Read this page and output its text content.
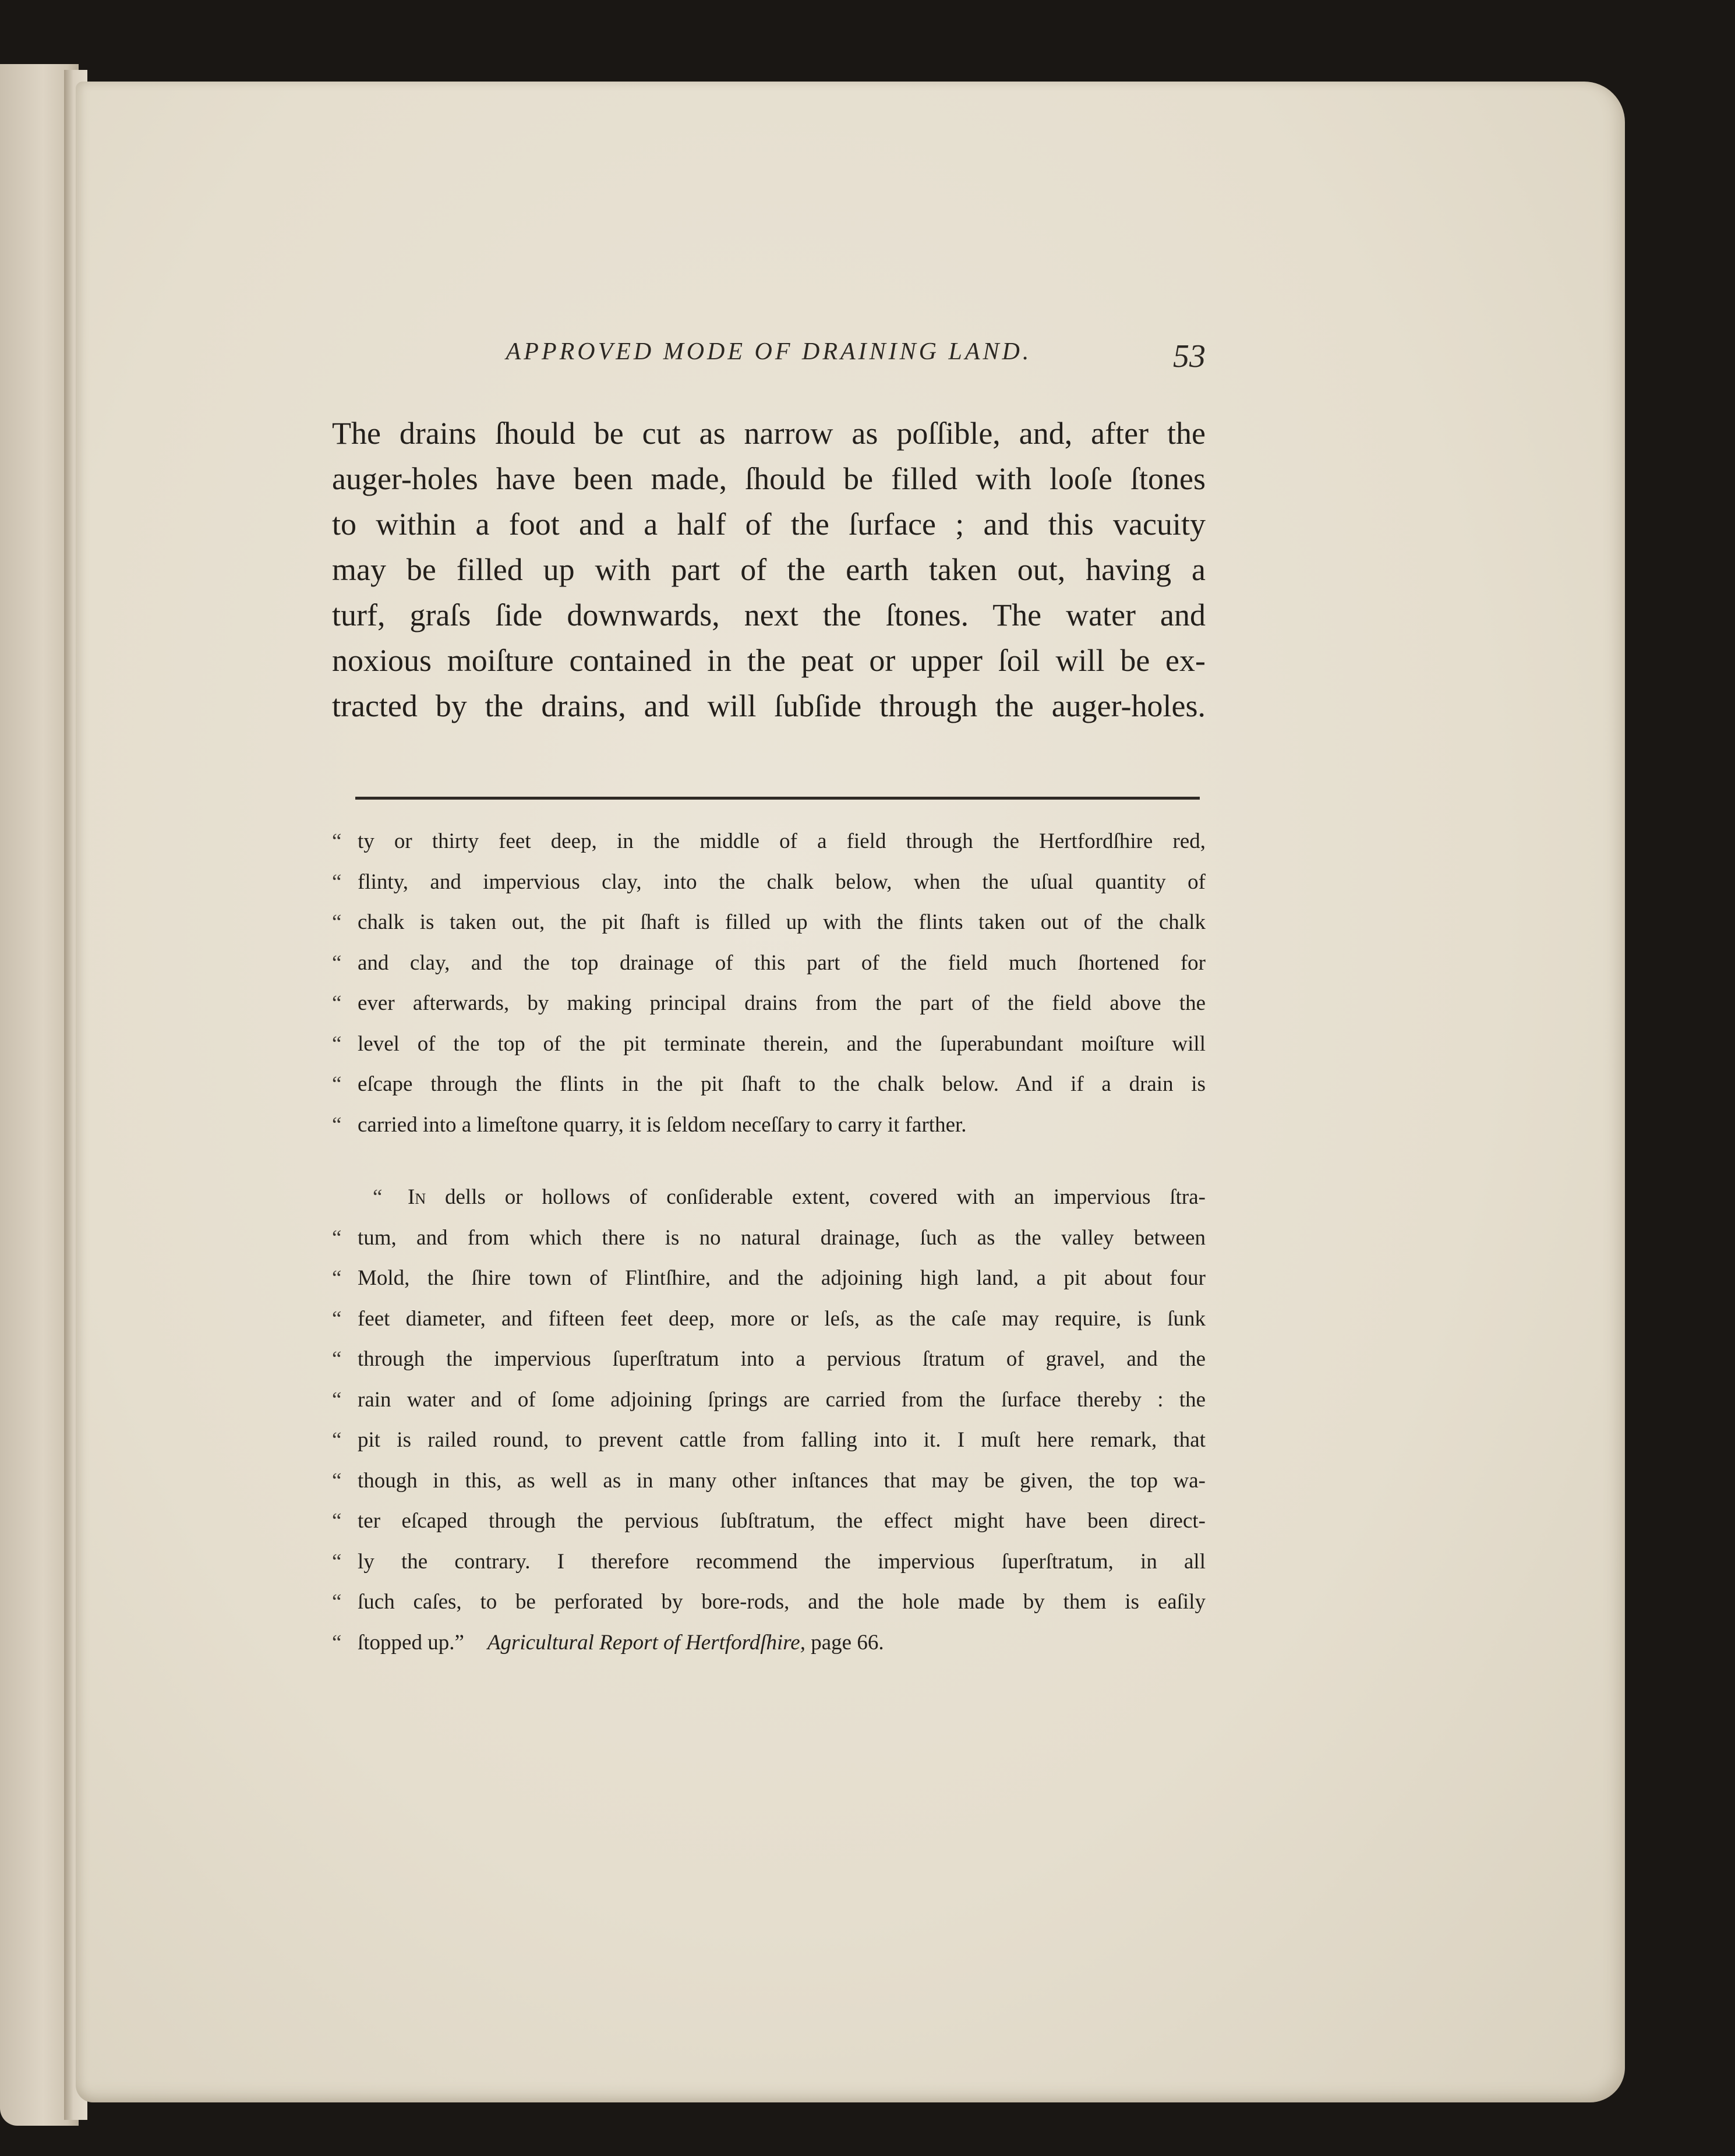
APPROVED MODE OF DRAINING LAND.	53
The drains ſhould be cut as narrow as poſſible, and, after the
auger-holes have been made, ſhould be filled with looſe ſtones
to within a foot and a half of the ſurface ; and this vacuity
may be filled up with part of the earth taken out, having a
turf, graſs ſide downwards, next the ſtones. The water and
noxious moiſture contained in the peat or upper ſoil will be ex-
tracted by the drains, and will ſubſide through the auger-holes.
“ ty or thirty feet deep, in the middle of a field through the Hertfordſhire red,
“ flinty, and impervious clay, into the chalk below, when the uſual quantity of
“ chalk is taken out, the pit ſhaft is filled up with the flints taken out of the chalk
“ and clay, and the top drainage of this part of the field much ſhortened for
“ ever afterwards, by making principal drains from the part of the field above the
“ level of the top of the pit terminate therein, and the ſuperabundant moiſture will
“ eſcape through the flints in the pit ſhaft to the chalk below. And if a drain is
“ carried into a limeſtone quarry, it is ſeldom neceſſary to carry it farther.
“	In dells or hollows of conſiderable extent, covered with an impervious ſtra-
“ tum, and from which there is no natural drainage, ſuch as the valley between
“ Mold, the ſhire town of Flintſhire, and the adjoining high land, a pit about four
“ feet diameter, and fifteen feet deep, more or leſs, as the caſe may require, is ſunk
“ through the impervious ſuperſtratum into a pervious ſtratum of gravel, and the
“ rain water and of ſome adjoining ſprings are carried from the ſurface thereby : the
“ pit is railed round, to prevent cattle from falling into it. I muſt here remark, that
“ though in this, as well as in many other inſtances that may be given, the top wa-
“ ter eſcaped through the pervious ſubſtratum, the effect might have been direct-
“ ly the contrary. I therefore recommend the impervious ſuperſtratum, in all
“ ſuch caſes, to be perforated by bore-rods, and the hole made by them is eaſily
“ ſtopped up.” Agricultural Report of Hertfordſhire, page 66.
